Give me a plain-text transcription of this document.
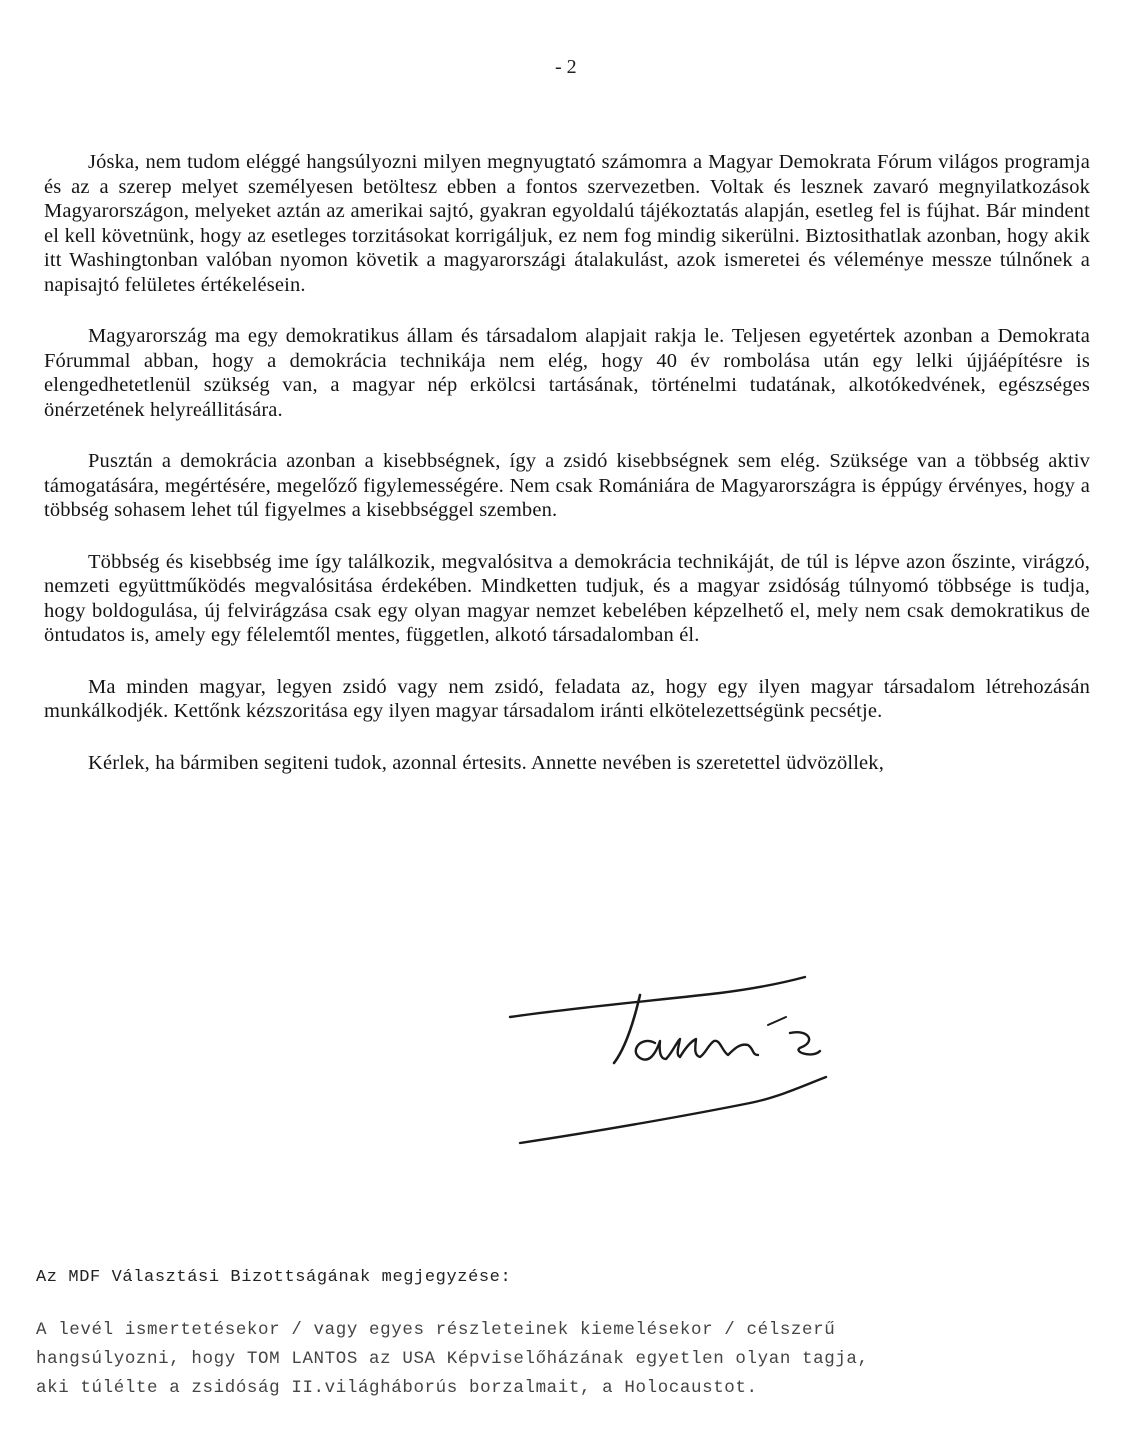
- 2

Jóska, nem tudom eléggé hangsúlyozni milyen megnyugtató számomra a Magyar Demokrata Fórum világos programja és az a szerep melyet személyesen betöltesz ebben a fontos szervezetben. Voltak és lesznek zavaró megnyilatkozások Magyarországon, melyeket aztán az amerikai sajtó, gyakran egyoldalú tájékoztatás alapján, esetleg fel is fújhat. Bár mindent el kell követnünk, hogy az esetleges torzitásokat korrigáljuk, ez nem fog mindig sikerülni. Biztosithatlak azonban, hogy akik itt Washingtonban valóban nyomon követik a magyarországi átalakulást, azok ismeretei és véleménye messze túlnőnek a napisajtó felületes értékelésein.

Magyarország ma egy demokratikus állam és társadalom alapjait rakja le. Teljesen egyetértek azonban a Demokrata Fórummal abban, hogy a demokrácia technikája nem elég, hogy 40 év rombolása után egy lelki újjáépítésre is elengedhetetlenül szükség van, a magyar nép erkölcsi tartásának, történelmi tudatának, alkotókedvének, egészséges önérzetének helyreállitására.

Pusztán a demokrácia azonban a kisebbségnek, így a zsidó kisebbségnek sem elég. Szüksége van a többség aktiv támogatására, megértésére, megelőző figylemességére. Nem csak Romániára de Magyarországra is éppúgy érvényes, hogy a többség sohasem lehet túl figyelmes a kisebbséggel szemben.

Többség és kisebbség ime így találkozik, megvalósitva a demokrácia technikáját, de túl is lépve azon őszinte, virágzó, nemzeti együttműködés megvalósitása érdekében. Mindketten tudjuk, és a magyar zsidóság túlnyomó többsége is tudja, hogy boldogulása, új felvirágzása csak egy olyan magyar nemzet kebelében képzelhető el, mely nem csak demokratikus de öntudatos is, amely egy félelemtől mentes, független, alkotó társadalomban él.

Ma minden magyar, legyen zsidó vagy nem zsidó, feladata az, hogy egy ilyen magyar társadalom létrehozásán munkálkodjék. Kettőnk kézszoritása egy ilyen magyar társadalom iránti elkötelezettségünk pecsétje.

Kérlek, ha bármiben segiteni tudok, azonnal értesits. Annette nevében is szeretettel üdvözöllek,

Az MDF Választási Bizottságának megjegyzése:
A levél ismertetésekor / vagy egyes részleteinek kiemelésekor / célszerű
hangsúlyozni, hogy TOM LANTOS az USA Képviselőházának egyetlen olyan tagja,
aki túlélte a zsidóság II.világháborús borzalmait, a Holocaustot.
